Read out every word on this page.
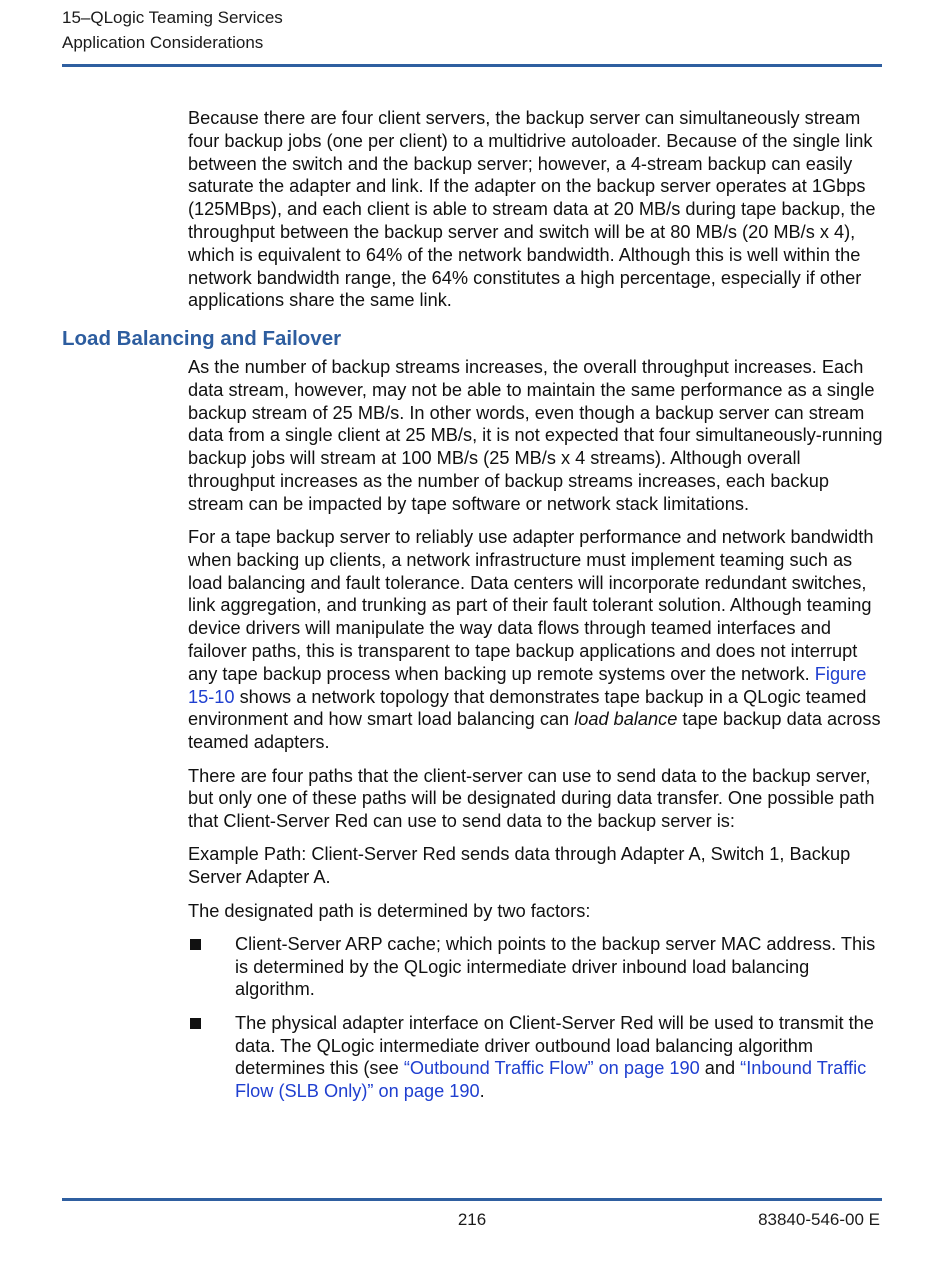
15–QLogic Teaming Services
Application Considerations

Because there are four client servers, the backup server can simultaneously stream four backup jobs (one per client) to a multidrive autoloader. Because of the single link between the switch and the backup server; however, a 4-stream backup can easily saturate the adapter and link. If the adapter on the backup server operates at 1Gbps (125MBps), and each client is able to stream data at 20 MB/s during tape backup, the throughput between the backup server and switch will be at 80 MB/s (20 MB/s x 4), which is equivalent to 64% of the network bandwidth. Although this is well within the network bandwidth range, the 64% constitutes a high percentage, especially if other applications share the same link.

Load Balancing and Failover

As the number of backup streams increases, the overall throughput increases. Each data stream, however, may not be able to maintain the same performance as a single backup stream of 25 MB/s. In other words, even though a backup server can stream data from a single client at 25 MB/s, it is not expected that four simultaneously-running backup jobs will stream at 100 MB/s (25 MB/s x 4 streams). Although overall throughput increases as the number of backup streams increases, each backup stream can be impacted by tape software or network stack limitations.

For a tape backup server to reliably use adapter performance and network bandwidth when backing up clients, a network infrastructure must implement teaming such as load balancing and fault tolerance. Data centers will incorporate redundant switches, link aggregation, and trunking as part of their fault tolerant solution. Although teaming device drivers will manipulate the way data flows through teamed interfaces and failover paths, this is transparent to tape backup applications and does not interrupt any tape backup process when backing up remote systems over the network. Figure 15-10 shows a network topology that demonstrates tape backup in a QLogic teamed environment and how smart load balancing can load balance tape backup data across teamed adapters.

There are four paths that the client-server can use to send data to the backup server, but only one of these paths will be designated during data transfer. One possible path that Client-Server Red can use to send data to the backup server is:

Example Path: Client-Server Red sends data through Adapter A, Switch 1, Backup Server Adapter A.

The designated path is determined by two factors:

Client-Server ARP cache; which points to the backup server MAC address. This is determined by the QLogic intermediate driver inbound load balancing algorithm.
The physical adapter interface on Client-Server Red will be used to transmit the data. The QLogic intermediate driver outbound load balancing algorithm determines this (see “Outbound Traffic Flow” on page 190 and “Inbound Traffic Flow (SLB Only)” on page 190.
216	83840-546-00 E
